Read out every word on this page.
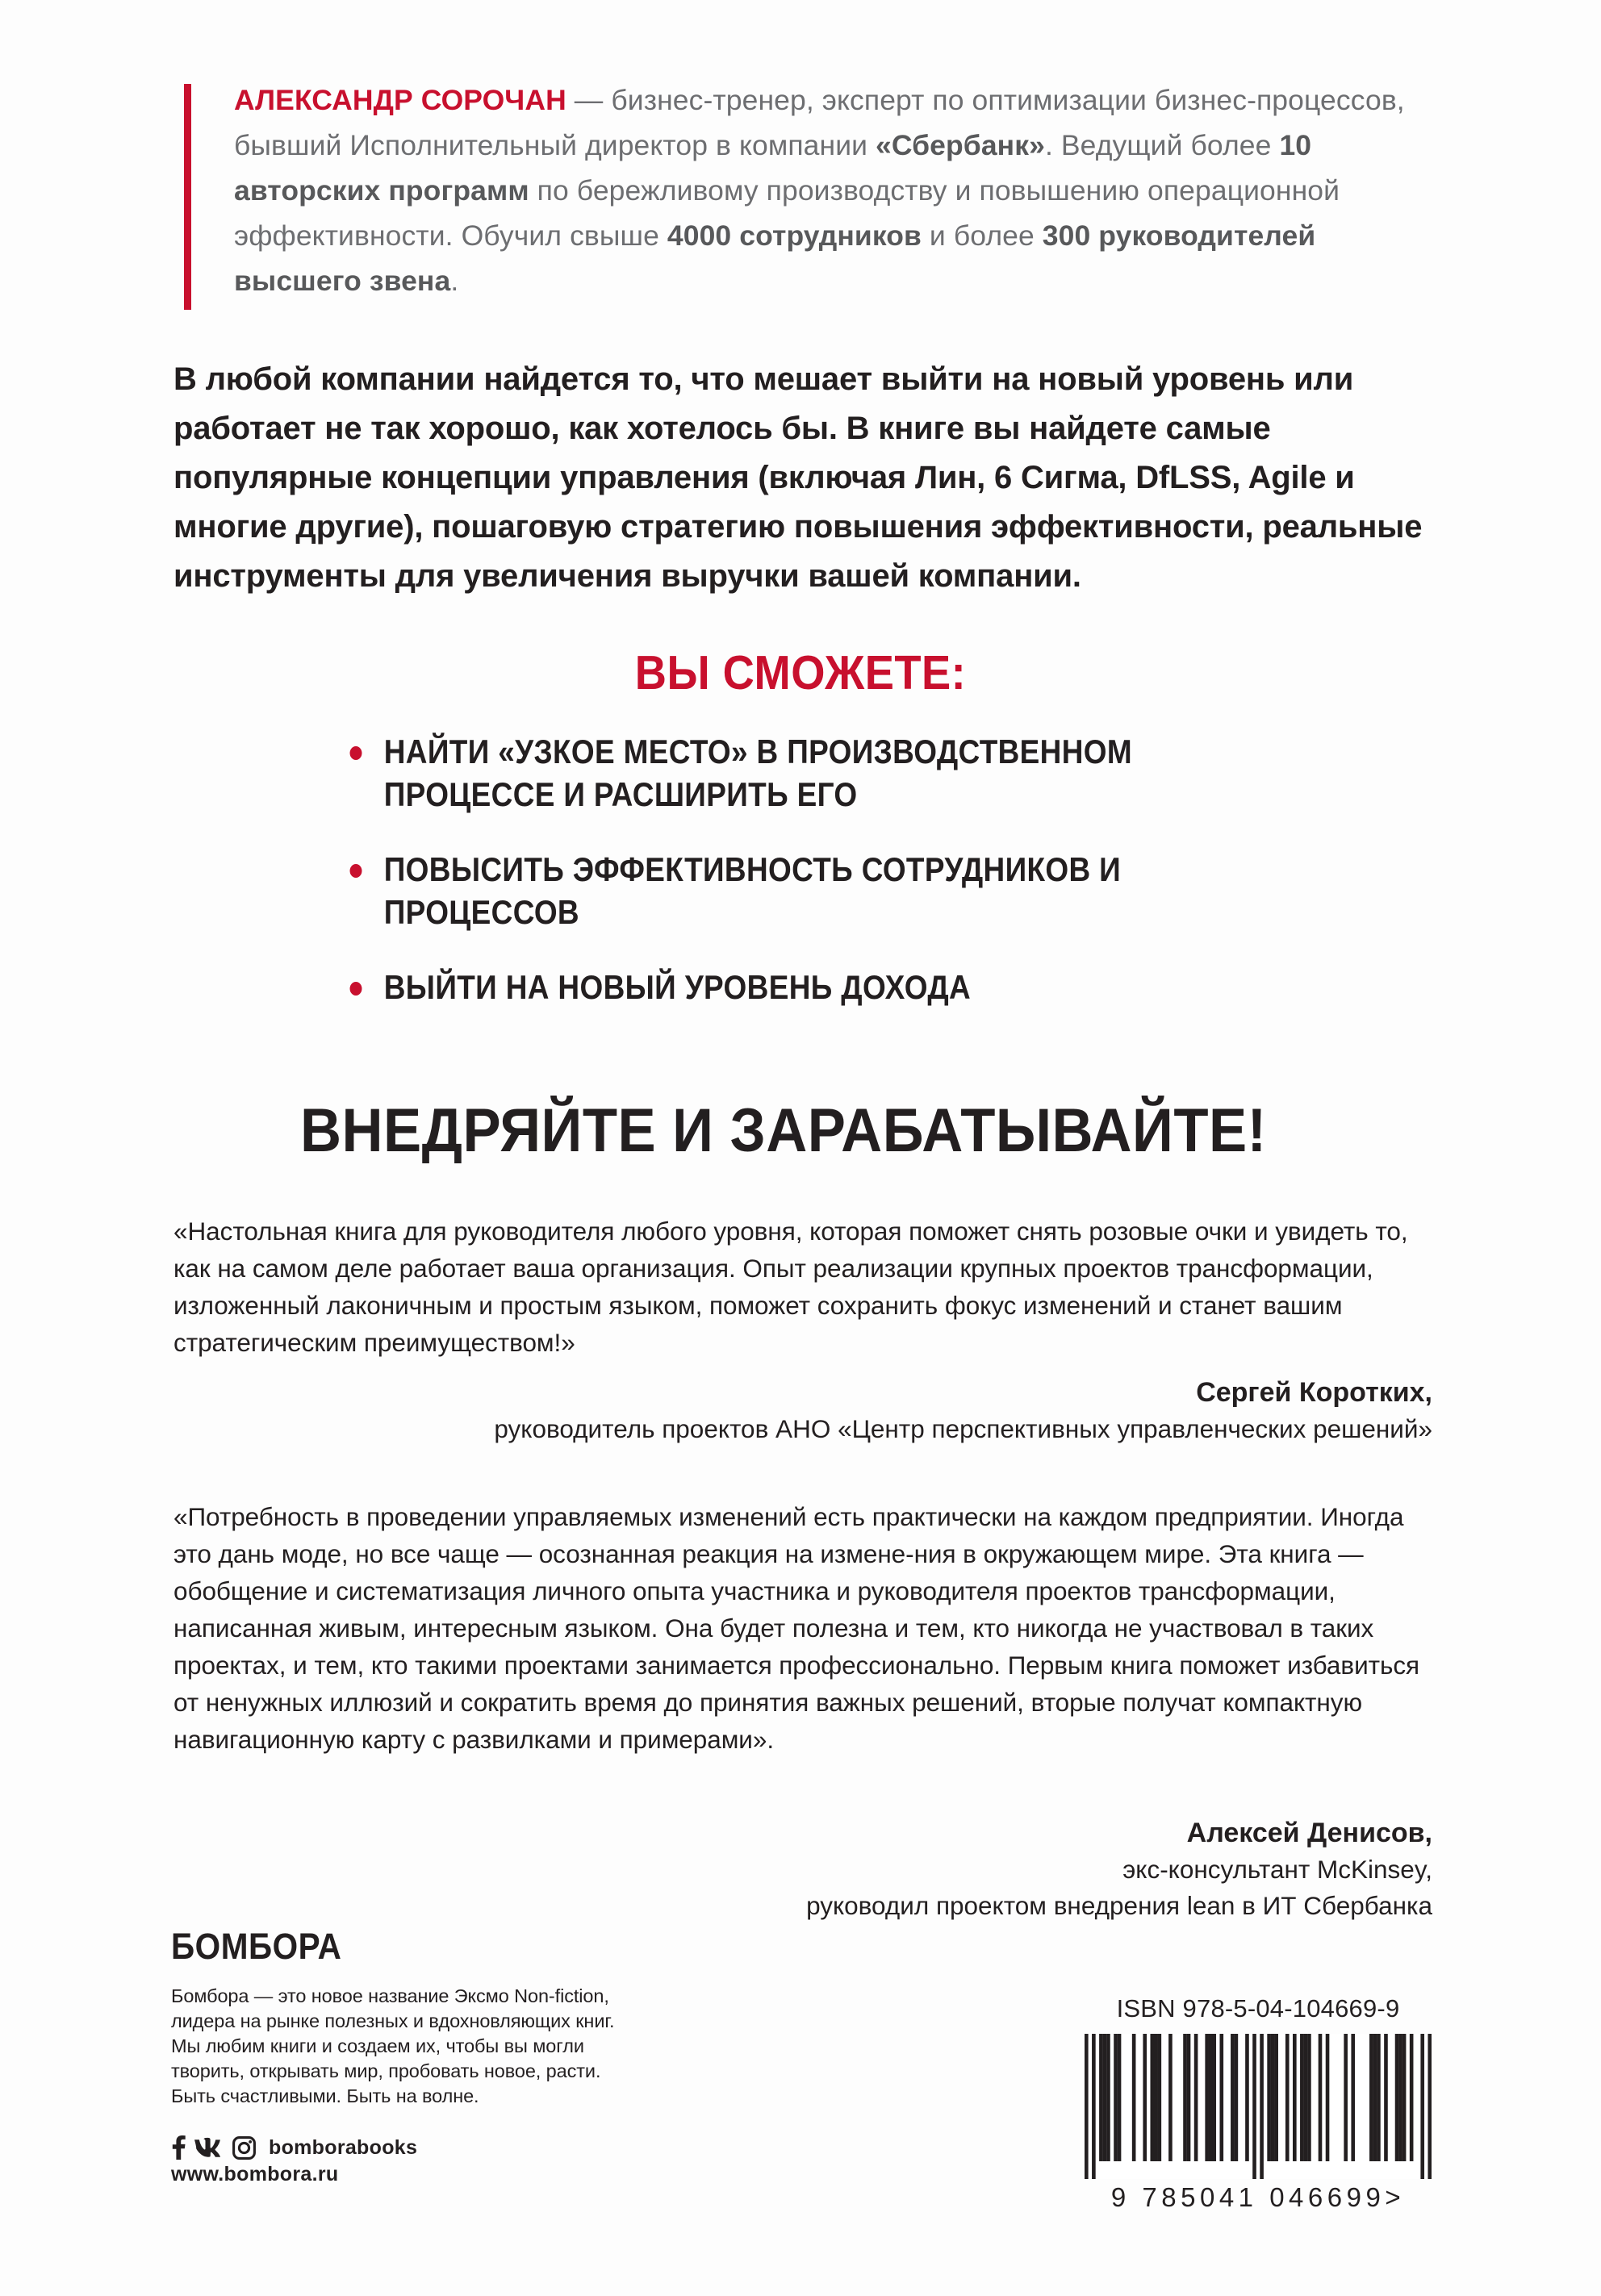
АЛЕКСАНДР СОРОЧАН — бизнес-тренер, эксперт по оптимизации бизнес-процессов, бывший Исполнительный директор в компании «Сбербанк». Ведущий более 10 авторских программ по бережливому производству и повышению операционной эффективности. Обучил свыше 4000 сотрудников и более 300 руководителей высшего звена.
В любой компании найдется то, что мешает выйти на новый уровень или работает не так хорошо, как хотелось бы. В книге вы найдете самые популярные концепции управления (включая Лин, 6 Сигма, DfLSS, Agile и многие другие), пошаговую стратегию повышения эффективности, реальные инструменты для увеличения выручки вашей компании.
ВЫ СМОЖЕТЕ:
НАЙТИ «УЗКОЕ МЕСТО» В ПРОИЗВОДСТВЕННОМ ПРОЦЕССЕ И РАСШИРИТЬ ЕГО
ПОВЫСИТЬ ЭФФЕКТИВНОСТЬ СОТРУДНИКОВ И ПРОЦЕССОВ
ВЫЙТИ НА НОВЫЙ УРОВЕНЬ ДОХОДА
ВНЕДРЯЙТЕ И ЗАРАБАТЫВАЙТЕ!
«Настольная книга для руководителя любого уровня, которая поможет снять розовые очки и увидеть то, как на самом деле работает ваша организация. Опыт реализации крупных проектов трансформации, изложенный лаконичным и простым языком, поможет сохранить фокус изменений и станет вашим стратегическим преимуществом!»
Сергей Коротких,
руководитель проектов АНО «Центр перспективных управленческих решений»
«Потребность в проведении управляемых изменений есть практически на каждом предприятии. Иногда это дань моде, но все чаще — осознанная реакция на измене-ния в окружающем мире. Эта книга — обобщение и систематизация личного опыта участника и руководителя проектов трансформации, написанная живым, интересным языком. Она будет полезна и тем, кто никогда не участвовал в таких проектах, и тем, кто такими проектами занимается профессионально. Первым книга поможет избавиться от ненужных иллюзий и сократить время до принятия важных решений, вторые получат компактную навигационную карту с развилками и примерами».
Алексей Денисов,
экс-консультант McKinsey,
руководил проектом внедрения lean в ИТ Сбербанка
БОМБОРА
Бомбора — это новое название Эксмо Non-fiction,
лидера на рынке полезных и вдохновляющих книг.
Мы любим книги и создаем их, чтобы вы могли
творить, открывать мир, пробовать новое, расти.
Быть счастливыми. Быть на волне.
bomborabooks
www.bombora.ru
ISBN 978-5-04-104669-9
9 785041 046699>
